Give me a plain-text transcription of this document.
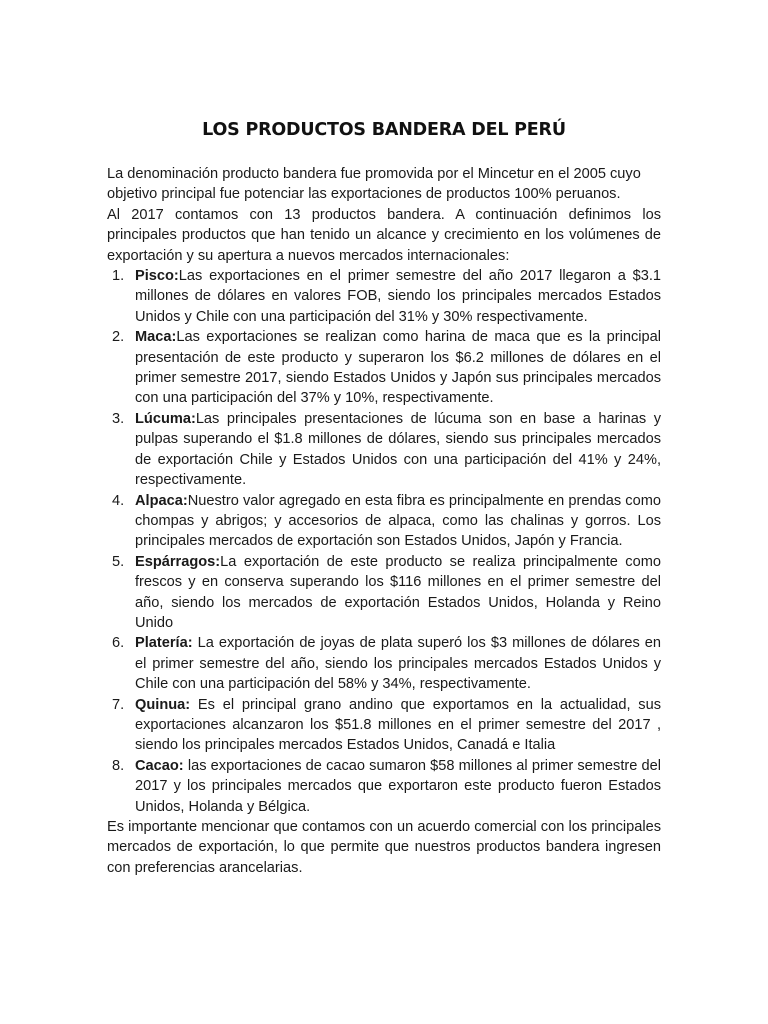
LOS PRODUCTOS BANDERA DEL PERÚ

La denominación producto bandera fue promovida por el Mincetur en el 2005 cuyo objetivo principal fue potenciar las exportaciones de productos 100% peruanos.

Al 2017 contamos con 13 productos bandera. A continuación definimos los principales productos que han tenido un alcance y crecimiento en los volúmenes de exportación y su apertura a nuevos mercados internacionales:

1. Pisco:Las exportaciones en el primer semestre del año 2017 llegaron a $3.1 millones de dólares en valores FOB, siendo los principales mercados Estados Unidos y Chile con una participación del 31% y 30% respectivamente.
2. Maca:Las exportaciones se realizan como harina de maca que es la principal presentación de este producto y superaron los $6.2 millones de dólares en el primer semestre 2017, siendo Estados Unidos y Japón sus principales mercados con una participación del 37% y 10%, respectivamente.
3. Lúcuma:Las principales presentaciones de lúcuma son en base a harinas y pulpas superando el $1.8 millones de dólares, siendo sus principales mercados de exportación Chile y Estados Unidos con una participación del 41% y 24%, respectivamente.
4. Alpaca:Nuestro valor agregado en esta fibra es principalmente en prendas como chompas y abrigos; y accesorios de alpaca, como las chalinas y gorros. Los principales mercados de exportación son Estados Unidos, Japón y Francia.
5. Espárragos:La exportación de este producto se realiza principalmente como frescos y en conserva superando los $116 millones en el primer semestre del año, siendo los mercados de exportación Estados Unidos, Holanda y Reino Unido
6. Platería: La exportación de joyas de plata superó los $3 millones de dólares en el primer semestre del año, siendo los principales mercados Estados Unidos y Chile con una participación del 58% y 34%, respectivamente.
7. Quinua: Es el principal grano andino que exportamos en la actualidad, sus exportaciones alcanzaron los $51.8 millones en el primer semestre del 2017 , siendo los principales mercados Estados Unidos, Canadá e Italia
8. Cacao: las exportaciones de cacao sumaron $58 millones al primer semestre del 2017 y los principales mercados que exportaron este producto fueron Estados Unidos, Holanda y Bélgica.

Es importante mencionar que contamos con un acuerdo comercial con los principales mercados de exportación, lo que permite que nuestros productos bandera ingresen con preferencias arancelarias.
